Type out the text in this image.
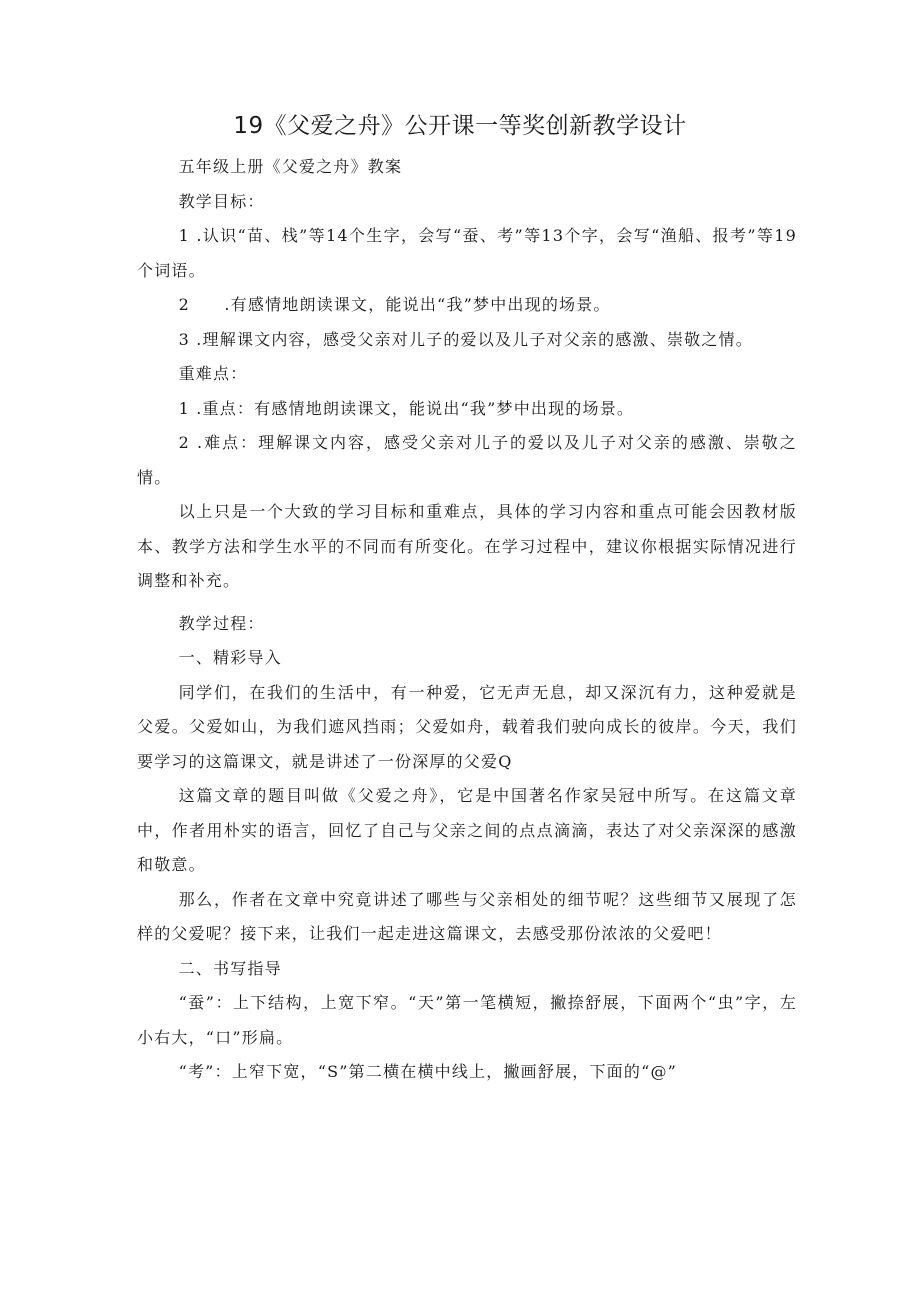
19《父爱之舟》公开课一等奖创新教学设计

五年级上册《父爱之舟》教案

教学目标：

1 .认识“苗、栈”等14个生字，会写“蚕、考”等13个字，会写“渔船、报考”等19个词语。

2　　.有感情地朗读课文，能说出“我”梦中出现的场景。

3 .理解课文内容，感受父亲对儿子的爱以及儿子对父亲的感激、崇敬之情。

重难点：

1 .重点：有感情地朗读课文，能说出“我”梦中出现的场景。

2 .难点：理解课文内容，感受父亲对儿子的爱以及儿子对父亲的感激、崇敬之情。

以上只是一个大致的学习目标和重难点，具体的学习内容和重点可能会因教材版本、教学方法和学生水平的不同而有所变化。在学习过程中，建议你根据实际情况进行调整和补充。

教学过程：

一、精彩导入

同学们，在我们的生活中，有一种爱，它无声无息，却又深沉有力，这种爱就是父爱。父爱如山，为我们遮风挡雨；父爱如舟，载着我们驶向成长的彼岸。今天，我们要学习的这篇课文，就是讲述了一份深厚的父爱Q

这篇文章的题目叫做《父爱之舟》，它是中国著名作家吴冠中所写。在这篇文章中，作者用朴实的语言，回忆了自己与父亲之间的点点滴滴，表达了对父亲深深的感激和敬意。

那么，作者在文章中究竟讲述了哪些与父亲相处的细节呢？这些细节又展现了怎样的父爱呢？接下来，让我们一起走进这篇课文，去感受那份浓浓的父爱吧！

二、书写指导

“蚕”：上下结构，上宽下窄。“天”第一笔横短，撇捺舒展，下面两个“虫”字，左小右大，“口”形扁。

“考”：上窄下宽，“S”第二横在横中线上，撇画舒展，下面的“@”
